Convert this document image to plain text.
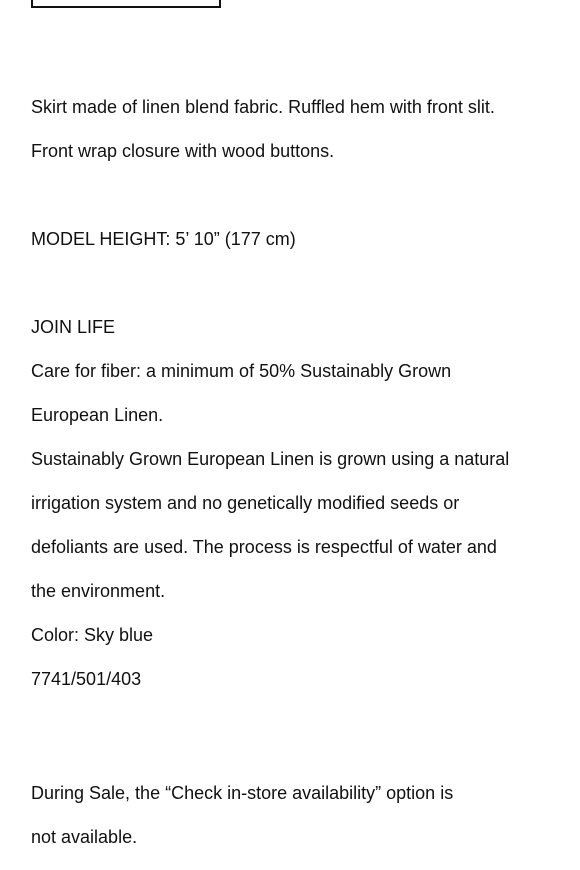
Skirt made of linen blend fabric. Ruffled hem with front slit.

Front wrap closure with wood buttons.

MODEL HEIGHT: 5’ 10” (177 cm)

JOIN LIFE

Care for fiber: a minimum of 50% Sustainably Grown

European Linen.

Sustainably Grown European Linen is grown using a natural

irrigation system and no genetically modified seeds or

defoliants are used. The process is respectful of water and

the environment.

Color: Sky blue

7741/501/403

During Sale, the “Check in-store availability” option is

not available.
